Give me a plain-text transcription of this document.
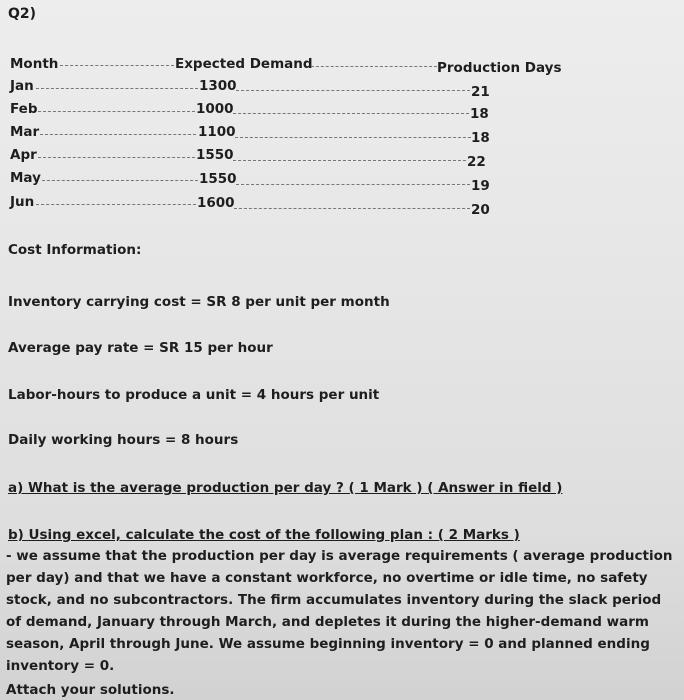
Q2)
Month	Expected Demand	Production Days
Jan	1300	21
Feb	1000	18
Mar	1100	18
Apr	1550	22
May	1550	19
Jun	1600	20
Cost Information:
Inventory carrying cost = SR 8 per unit per month
Average pay rate = SR 15 per hour
Labor-hours to produce a unit = 4 hours per unit
Daily working hours = 8 hours
a) What is the average production per day ? ( 1 Mark ) ( Answer in field )
b) Using excel, calculate the cost of the following plan : ( 2 Marks )
- we assume that the production per day is average requirements ( average production per day) and that we have a constant workforce, no overtime or idle time, no safety stock, and no subcontractors. The firm accumulates inventory during the slack period of demand, January through March, and depletes it during the higher-demand warm season, April through June. We assume beginning inventory = 0 and planned ending inventory = 0.
Attach your solutions.
